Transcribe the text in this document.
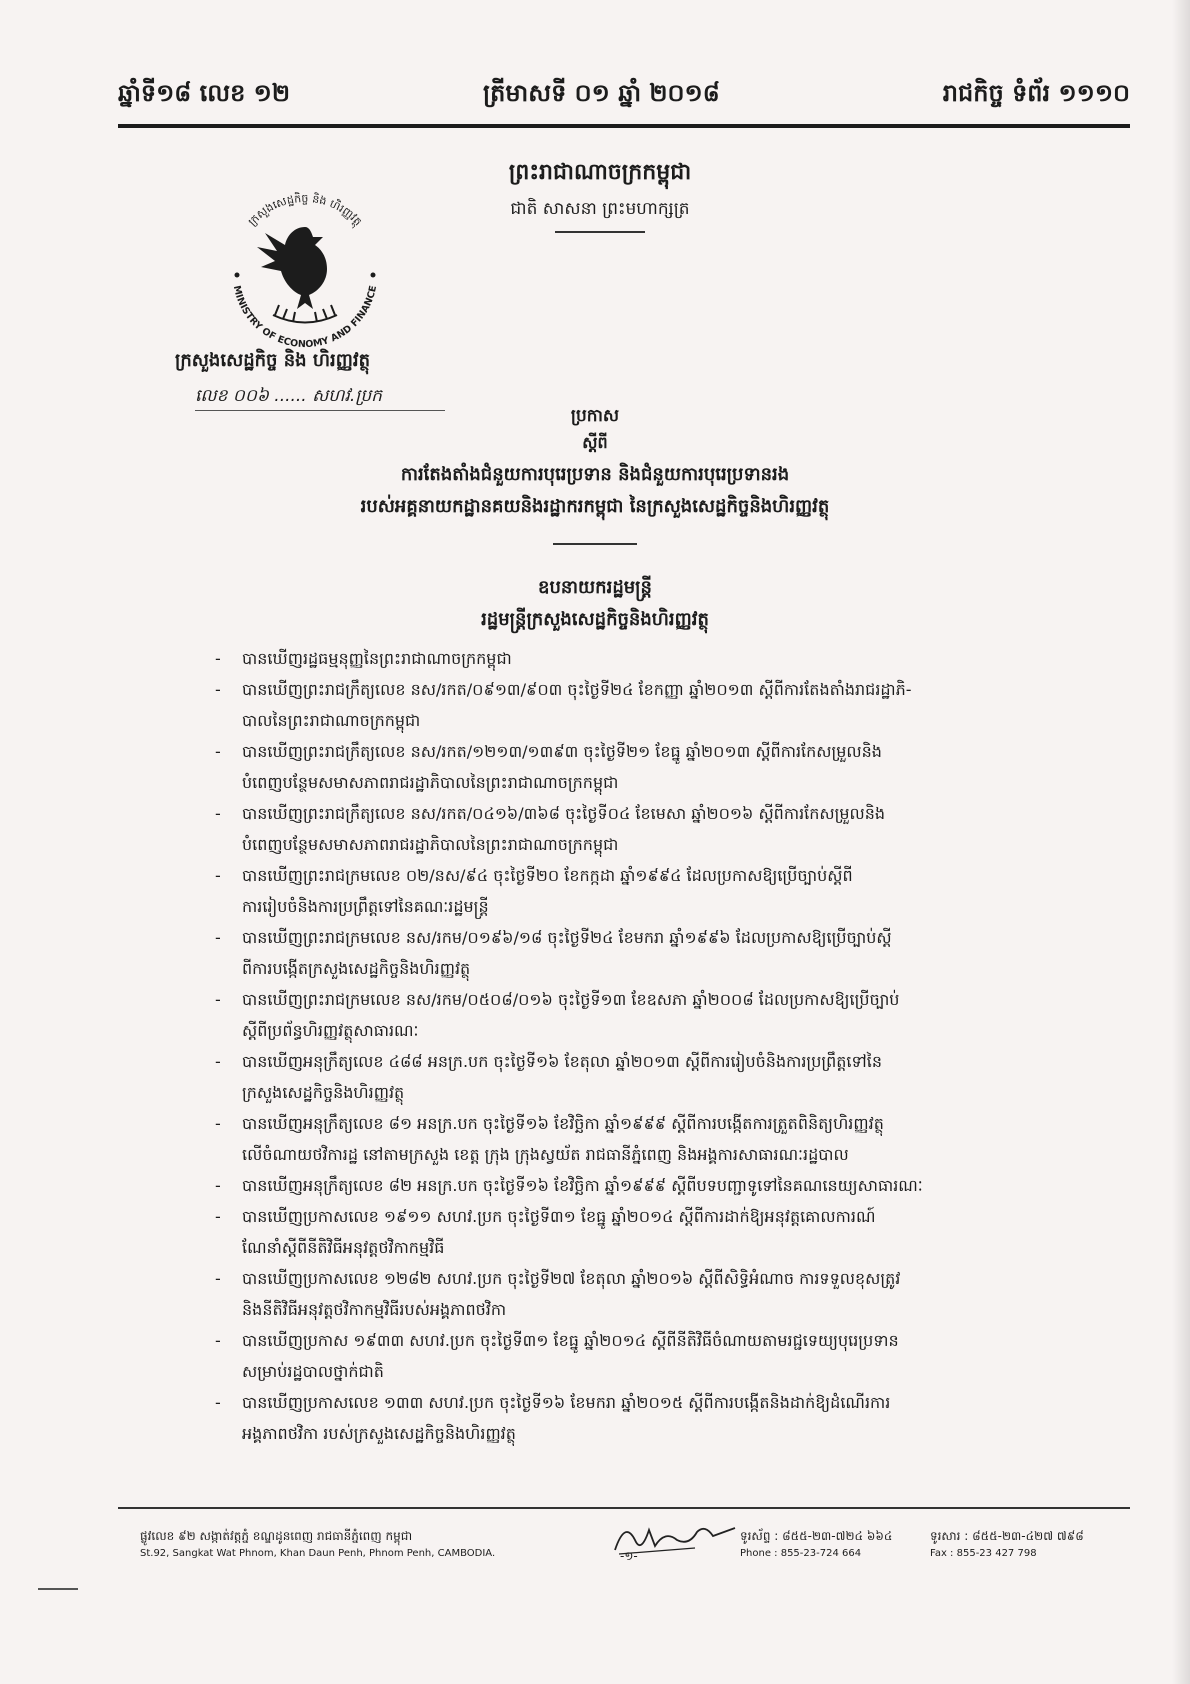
ឆ្នាំទី១៨ លេខ ១២	ត្រីមាសទី ០១ ឆ្នាំ ២០១៨	រាជកិច្ច ទំព័រ ១១១០
ព្រះរាជាណាចក្រកម្ពុជា
ជាតិ សាសនា ព្រះមហាក្សត្រ
ក្រសួងសេដ្ឋកិច្ច និង ហិរញ្ញវត្ថុ
MINISTRY OF ECONOMY AND FINANCE
ក្រសួងសេដ្ឋកិច្ច និង ហិរញ្ញវត្ថុ
លេខ ០០៦ ...... សហវ.ប្រក
ប្រកាស
ស្តីពី
ការតែងតាំងជំនួយការបុរេប្រទាន និងជំនួយការបុរេប្រទានរង
របស់អគ្គនាយកដ្ឋានគយនិងរដ្ឋាករកម្ពុជា នៃក្រសួងសេដ្ឋកិច្ចនិងហិរញ្ញវត្ថុ
ឧបនាយករដ្ឋមន្ត្រី
រដ្ឋមន្ត្រីក្រសួងសេដ្ឋកិច្ចនិងហិរញ្ញវត្ថុ
- បានឃើញរដ្ឋធម្មនុញ្ញនៃព្រះរាជាណាចក្រកម្ពុជា
- បានឃើញព្រះរាជក្រឹត្យលេខ នស/រកត/០៩១៣/៩០៣ ចុះថ្ងៃទី២៤ ខែកញ្ញា ឆ្នាំ២០១៣ ស្តីពីការតែងតាំងរាជរដ្ឋាភិ-
បាលនៃព្រះរាជាណាចក្រកម្ពុជា
- បានឃើញព្រះរាជក្រឹត្យលេខ នស/រកត/១២១៣/១៣៩៣ ចុះថ្ងៃទី២១ ខែធ្នូ ឆ្នាំ២០១៣ ស្តីពីការកែសម្រួលនិង
បំពេញបន្ថែមសមាសភាពរាជរដ្ឋាភិបាលនៃព្រះរាជាណាចក្រកម្ពុជា
- បានឃើញព្រះរាជក្រឹត្យលេខ នស/រកត/០៤១៦/៣៦៨ ចុះថ្ងៃទី០៤ ខែមេសា ឆ្នាំ២០១៦ ស្តីពីការកែសម្រួលនិង
បំពេញបន្ថែមសមាសភាពរាជរដ្ឋាភិបាលនៃព្រះរាជាណាចក្រកម្ពុជា
- បានឃើញព្រះរាជក្រមលេខ ០២/នស/៩៤ ចុះថ្ងៃទី២០ ខែកក្កដា ឆ្នាំ១៩៩៤ ដែលប្រកាសឱ្យប្រើច្បាប់ស្តីពី
ការរៀបចំនិងការប្រព្រឹត្តទៅនៃគណៈរដ្ឋមន្ត្រី
- បានឃើញព្រះរាជក្រមលេខ នស/រកម/០១៩៦/១៨ ចុះថ្ងៃទី២៤ ខែមករា ឆ្នាំ១៩៩៦ ដែលប្រកាសឱ្យប្រើច្បាប់ស្តី
ពីការបង្កើតក្រសួងសេដ្ឋកិច្ចនិងហិរញ្ញវត្ថុ
- បានឃើញព្រះរាជក្រមលេខ នស/រកម/០៥០៨/០១៦ ចុះថ្ងៃទី១៣ ខែឧសភា ឆ្នាំ២០០៨ ដែលប្រកាសឱ្យប្រើច្បាប់
ស្តីពីប្រព័ន្ធហិរញ្ញវត្ថុសាធារណៈ
- បានឃើញអនុក្រឹត្យលេខ ៤៨៨ អនក្រ.បក ចុះថ្ងៃទី១៦ ខែតុលា ឆ្នាំ២០១៣ ស្តីពីការរៀបចំនិងការប្រព្រឹត្តទៅនៃ
ក្រសួងសេដ្ឋកិច្ចនិងហិរញ្ញវត្ថុ
- បានឃើញអនុក្រឹត្យលេខ ៨១ អនក្រ.បក ចុះថ្ងៃទី១៦ ខែវិច្ឆិកា ឆ្នាំ១៩៩៩ ស្តីពីការបង្កើតការត្រួតពិនិត្យហិរញ្ញវត្ថុ
លើចំណាយថវិការដ្ឋ នៅតាមក្រសួង ខេត្ត ក្រុង ក្រុងស្វយ័ត រាជធានីភ្នំពេញ និងអង្គការសាធារណៈរដ្ឋបាល
- បានឃើញអនុក្រឹត្យលេខ ៨២ អនក្រ.បក ចុះថ្ងៃទី១៦ ខែវិច្ឆិកា ឆ្នាំ១៩៩៩ ស្តីពីបទបញ្ជាទូទៅនៃគណនេយ្យសាធារណៈ
- បានឃើញប្រកាសលេខ ១៩១១ សហវ.ប្រក ចុះថ្ងៃទី៣១ ខែធ្នូ ឆ្នាំ២០១៤ ស្តីពីការដាក់ឱ្យអនុវត្តគោលការណ៍
ណែនាំស្តីពីនីតិវិធីអនុវត្តថវិកាកម្មវិធី
- បានឃើញប្រកាសលេខ ១២៨២ សហវ.ប្រក ចុះថ្ងៃទី២៧ ខែតុលា ឆ្នាំ២០១៦ ស្តីពីសិទ្ធិអំណាច ការទទួលខុសត្រូវ
និងនីតិវិធីអនុវត្តថវិកាកម្មវិធីរបស់អង្គភាពថវិកា
- បានឃើញប្រកាស ១៩៣៣ សហវ.ប្រក ចុះថ្ងៃទី៣១ ខែធ្នូ ឆ្នាំ២០១៤ ស្តីពីនីតិវិធីចំណាយតាមរជ្ជទេយ្យបុរេប្រទាន
សម្រាប់រដ្ឋបាលថ្នាក់ជាតិ
- បានឃើញប្រកាសលេខ ១៣៣ សហវ.ប្រក ចុះថ្ងៃទី១៦ ខែមករា ឆ្នាំ២០១៥ ស្តីពីការបង្កើតនិងដាក់ឱ្យដំណើរការ
អង្គភាពថវិកា របស់ក្រសួងសេដ្ឋកិច្ចនិងហិរញ្ញវត្ថុ
ផ្លូវលេខ ៩២ សង្កាត់វត្តភ្នំ ខណ្ឌដូនពេញ រាជធានីភ្នំពេញ កម្ពុជា
St.92, Sangkat Wat Phnom, Khan Daun Penh, Phnom Penh, CAMBODIA.	-១-
ទូរស័ព្ទ : ៨៥៥-២៣-៧២៤ ៦៦៤	ទូរសារ : ៨៥៥-២៣-៤២៧ ៧៩៨
Phone : 855-23-724 664	Fax : 855-23 427 798
